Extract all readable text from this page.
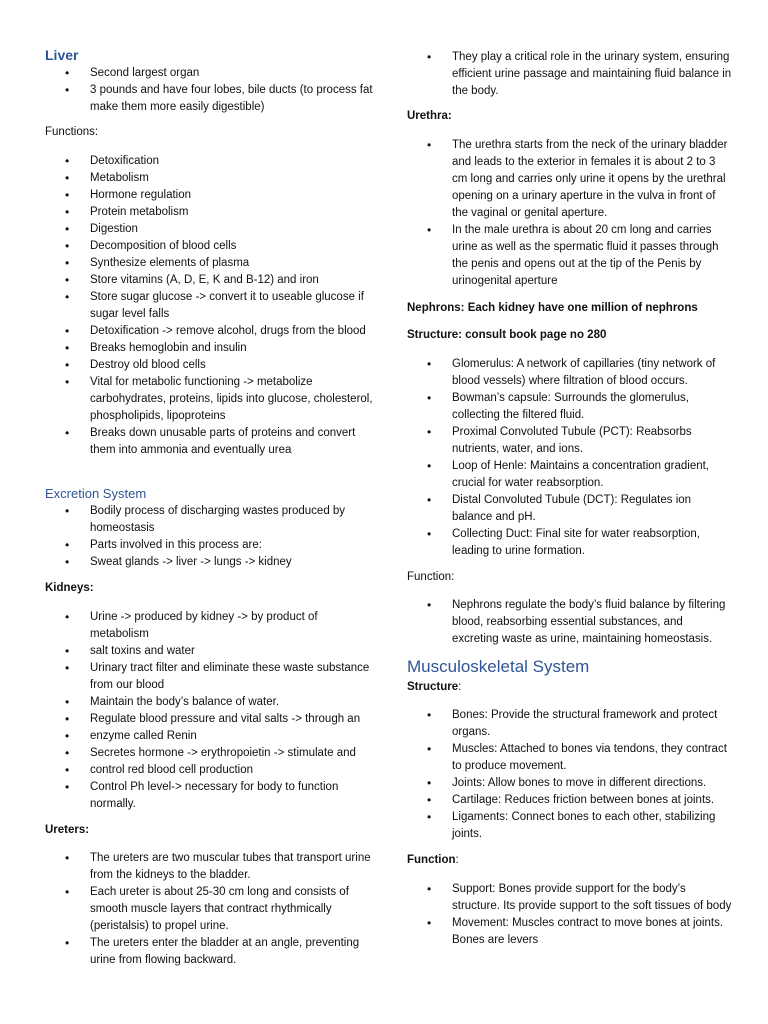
Liver
• Second largest organ
• 3 pounds and have four lobes, bile ducts (to process fat make them more easily digestible)
Functions:
• Detoxification
• Metabolism
• Hormone regulation
• Protein metabolism
• Digestion
• Decomposition of blood cells
• Synthesize elements of plasma
• Store vitamins (A, D, E, K and B-12) and iron
• Store sugar glucose -> convert it to useable glucose if sugar level falls
• Detoxification -> remove alcohol, drugs from the blood
• Breaks hemoglobin and insulin
• Destroy old blood cells
• Vital for metabolic functioning -> metabolize carbohydrates, proteins, lipids into glucose, cholesterol, phospholipids, lipoproteins
• Breaks down unusable parts of proteins and convert them into ammonia and eventually urea
Excretion System
• Bodily process of discharging wastes produced by homeostasis
• Parts involved in this process are:
• Sweat glands -> liver -> lungs -> kidney
Kidneys:
• Urine -> produced by kidney -> by product of metabolism
• salt toxins and water
• Urinary tract filter and eliminate these waste substance from our blood
• Maintain the body’s balance of water.
• Regulate blood pressure and vital salts -> through an
• enzyme called Renin
• Secretes hormone -> erythropoietin -> stimulate and
• control red blood cell production
• Control Ph level-> necessary for body to function normally.
Ureters:
• The ureters are two muscular tubes that transport urine from the kidneys to the bladder.
• Each ureter is about 25-30 cm long and consists of smooth muscle layers that contract rhythmically (peristalsis) to propel urine.
• The ureters enter the bladder at an angle, preventing urine from flowing backward.
• They play a critical role in the urinary system, ensuring efficient urine passage and maintaining fluid balance in the body.
Urethra:
• The urethra starts from the neck of the urinary bladder and leads to the exterior in females it is about 2 to 3 cm long and carries only urine it opens by the urethral opening on a urinary aperture in the vulva in front of the vaginal or genital aperture.
• In the male urethra is about 20 cm long and carries urine as well as the spermatic fluid it passes through the penis and opens out at the tip of the Penis by urinogenital aperture
Nephrons: Each kidney have one million of nephrons
Structure: consult book page no 280
• Glomerulus: A network of capillaries (tiny network of blood vessels) where filtration of blood occurs.
• Bowman’s capsule: Surrounds the glomerulus, collecting the filtered fluid.
• Proximal Convoluted Tubule (PCT): Reabsorbs nutrients, water, and ions.
• Loop of Henle: Maintains a concentration gradient, crucial for water reabsorption.
• Distal Convoluted Tubule (DCT): Regulates ion balance and pH.
• Collecting Duct: Final site for water reabsorption, leading to urine formation.
Function:
• Nephrons regulate the body’s fluid balance by filtering blood, reabsorbing essential substances, and excreting waste as urine, maintaining homeostasis.
Musculoskeletal System
Structure:
• Bones: Provide the structural framework and protect organs.
• Muscles: Attached to bones via tendons, they contract to produce movement.
• Joints: Allow bones to move in different directions.
• Cartilage: Reduces friction between bones at joints.
• Ligaments: Connect bones to each other, stabilizing joints.
Function:
• Support: Bones provide support for the body’s structure. Its provide support to the soft tissues of body
• Movement: Muscles contract to move bones at joints. Bones are levers
